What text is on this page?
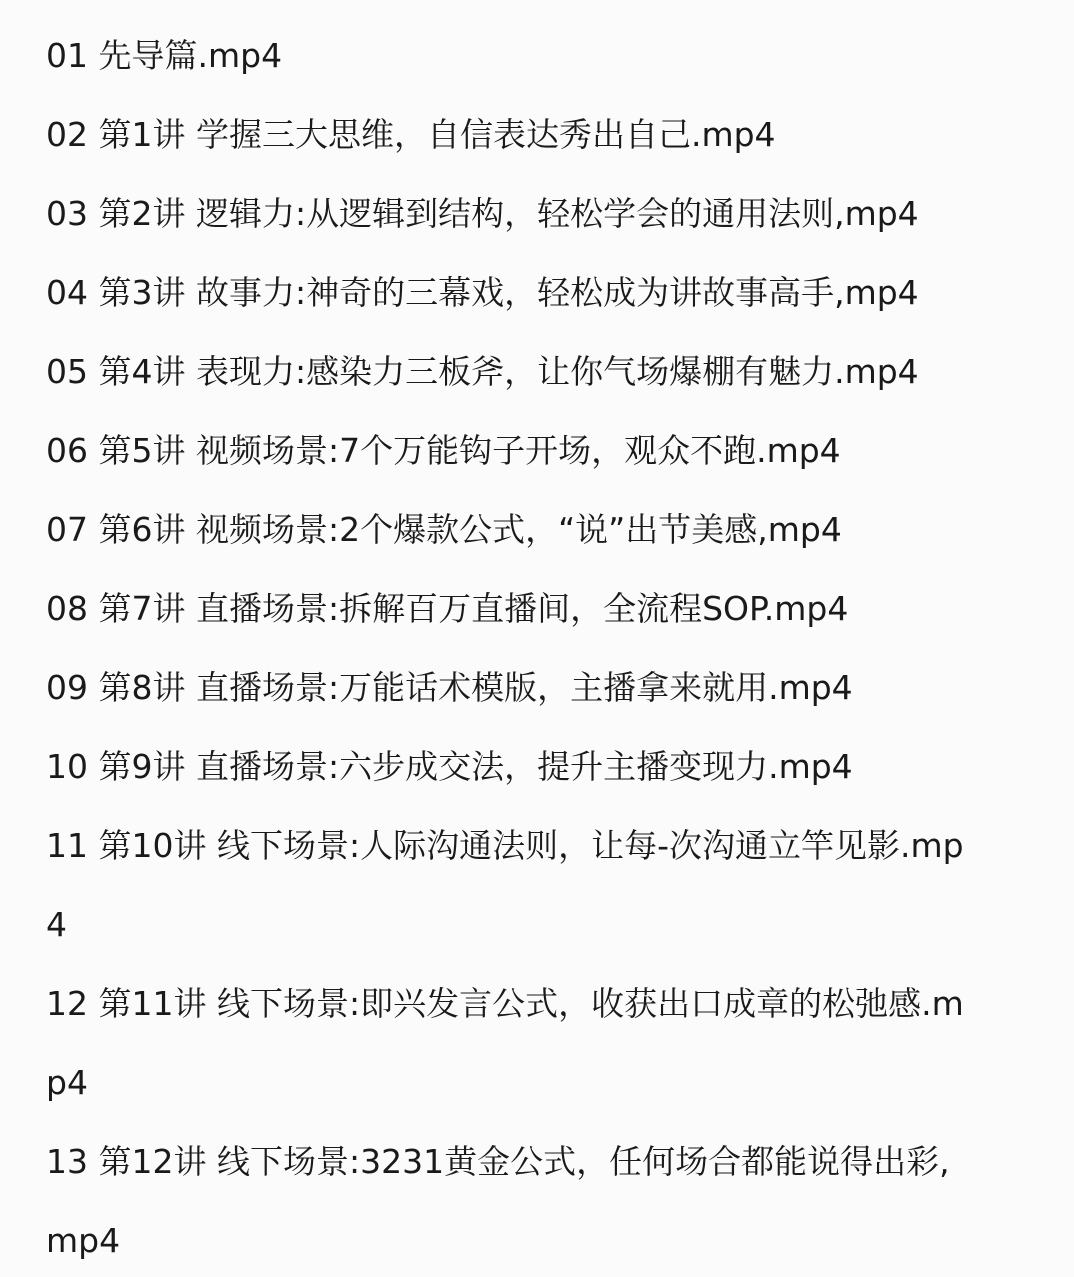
01 先导篇.mp4
02 第1讲 学握三大思维，自信表达秀出自己.mp4
03 第2讲 逻辑力:从逻辑到结构，轻松学会的通用法则,mp4
04 第3讲 故事力:神奇的三幕戏，轻松成为讲故事高手,mp4
05 第4讲 表现力:感染力三板斧，让你气场爆棚有魅力.mp4
06 第5讲 视频场景:7个万能钩子开场，观众不跑.mp4
07 第6讲 视频场景:2个爆款公式，“说”出节美感,mp4
08 第7讲 直播场景:拆解百万直播间，全流程SOP.mp4
09 第8讲 直播场景:万能话术模版，主播拿来就用.mp4
10 第9讲 直播场景:六步成交法，提升主播变现力.mp4
11 第10讲 线下场景:人际沟通法则，让每-次沟通立竿见影.mp
4
12 第11讲 线下场景:即兴发言公式，收获出口成章的松弛感.m
p4
13 第12讲 线下场景:3231黄金公式，任何场合都能说得出彩,
mp4
